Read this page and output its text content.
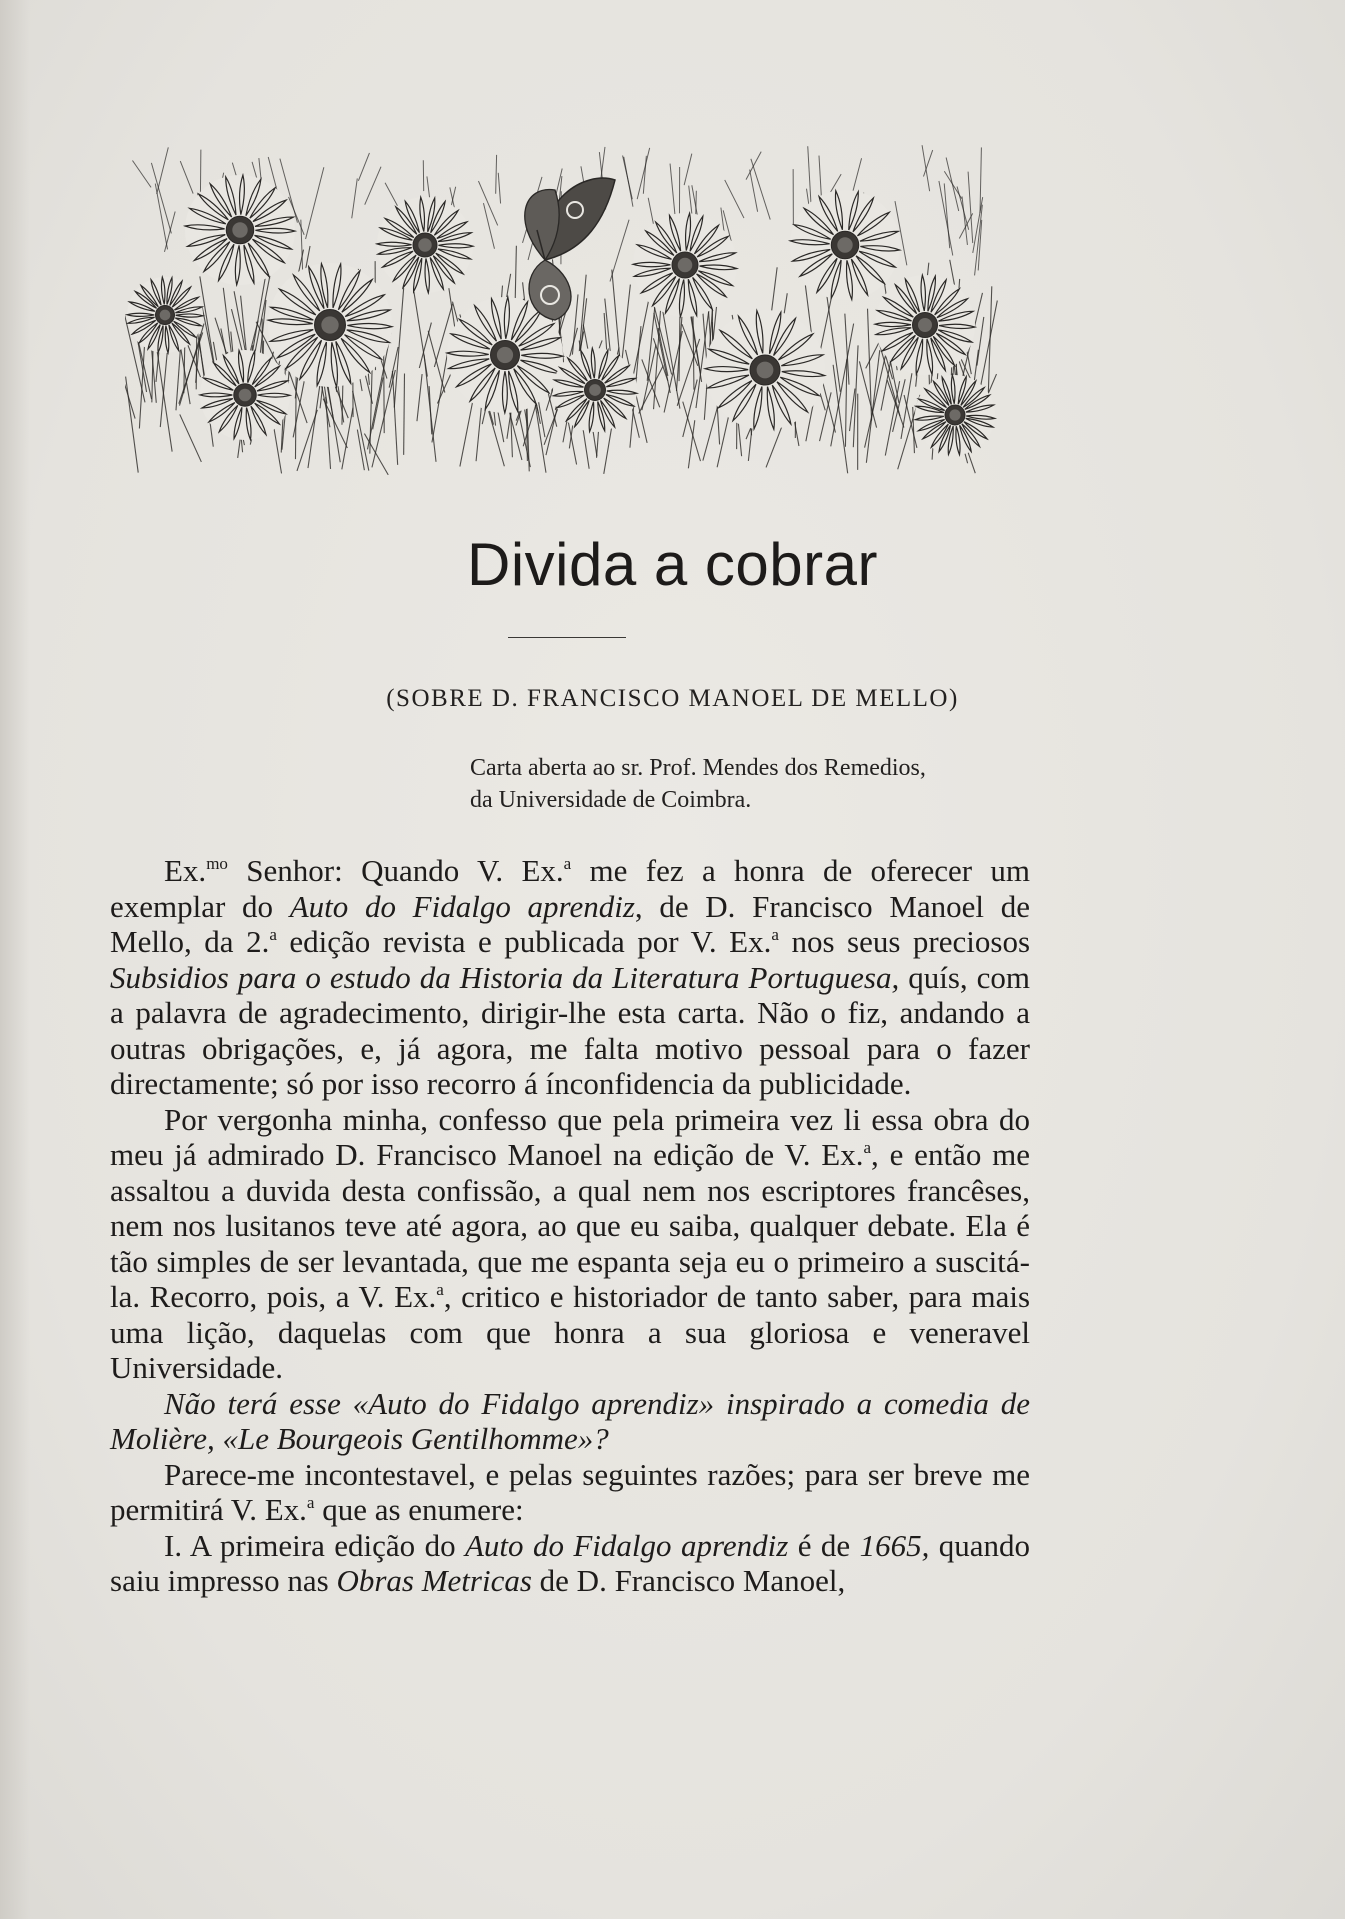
Divida a cobrar
(SOBRE D. FRANCISCO MANOEL DE MELLO)
Carta aberta ao sr. Prof. Mendes dos Remedios,
da Universidade de Coimbra.

Ex.$^{mo}$ Senhor: Quando V. Ex.$^a$ me fez a honra de oferecer um exemplar do Auto do Fidalgo aprendiz, de D. Francisco Manoel de Mello, da 2.$^a$ edição revista e publicada por V. Ex.$^a$ nos seus preciosos Subsidios para o estudo da Historia da Literatura Portuguesa, quís, com a palavra de agradecimento, dirigir-lhe esta carta. Não o fiz, andando a outras obrigações, e, já agora, me falta motivo pessoal para o fazer directamente; só por isso recorro á ínconfidencia da publicidade.

Por vergonha minha, confesso que pela primeira vez li essa obra do meu já admirado D. Francisco Manoel na edição de V. Ex.$^a$, e então me assaltou a duvida desta confissão, a qual nem nos escriptores francêses, nem nos lusitanos teve até agora, ao que eu saiba, qualquer debate. Ela é tão simples de ser levantada, que me espanta seja eu o primeiro a suscitá-la. Recorro, pois, a V. Ex.$^a$, critico e historiador de tanto saber, para mais uma lição, daquelas com que honra a sua gloriosa e veneravel Universidade.

Não terá esse «Auto do Fidalgo aprendiz» inspirado a comedia de Molière, «Le Bourgeois Gentilhomme»?

Parece-me incontestavel, e pelas seguintes razões; para ser breve me permitirá V. Ex.$^a$ que as enumere:

I. A primeira edição do Auto do Fidalgo aprendiz é de 1665, quando saiu impresso nas Obras Metricas de D. Francisco Manoel,
